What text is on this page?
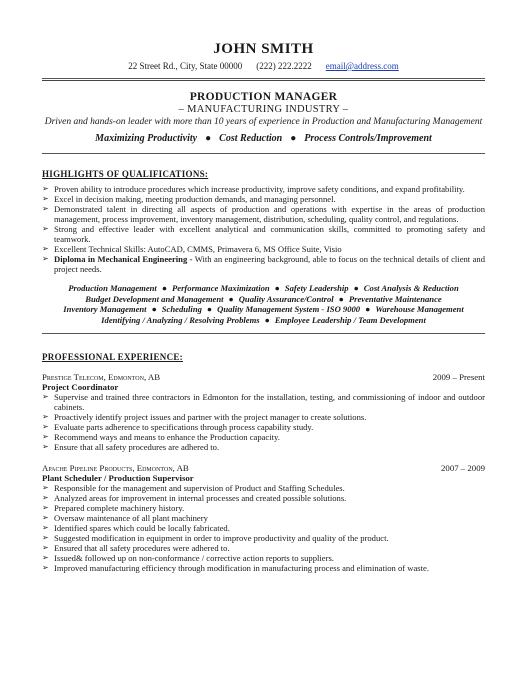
JOHN SMITH
22 Street Rd., City, State 00000 (222) 222.2222 email@address.com
PRODUCTION MANAGER
– MANUFACTURING INDUSTRY –
Driven and hands-on leader with more than 10 years of experience in Production and Manufacturing Management
Maximizing Productivity ● Cost Reduction ● Process Controls/Improvement
HIGHLIGHTS OF QUALIFICATIONS:
➢ Proven ability to introduce procedures which increase productivity, improve safety conditions, and expand profitability.
➢ Excel in decision making, meeting production demands, and managing personnel.
➢ Demonstrated talent in directing all aspects of production and operations with expertise in the areas of production management, process improvement, inventory management, distribution, scheduling, quality control, and regulations.
➢ Strong and effective leader with excellent analytical and communication skills, committed to promoting safety and teamwork.
➢ Excellent Technical Skills: AutoCAD, CMMS, Primavera 6, MS Office Suite, Visio
➢ Diploma in Mechanical Engineering - With an engineering background, able to focus on the technical details of client and project needs.
Production Management ● Performance Maximization ● Safety Leadership ● Cost Analysis & Reduction
Budget Development and Management ● Quality Assurance/Control ● Preventative Maintenance
Inventory Management ● Scheduling ● Quality Management System - ISO 9000 ● Warehouse Management
Identifying / Analyzing / Resolving Problems ● Employee Leadership / Team Development
PROFESSIONAL EXPERIENCE:
Prestige Telecom, Edmonton, AB	2009 – Present
Project Coordinator
➢ Supervise and trained three contractors in Edmonton for the installation, testing, and commissioning of indoor and outdoor cabinets.
➢ Proactively identify project issues and partner with the project manager to create solutions.
➢ Evaluate parts adherence to specifications through process capability study.
➢ Recommend ways and means to enhance the Production capacity.
➢ Ensure that all safety procedures are adhered to.
Apache Pipeline Products, Edmonton, AB	2007 – 2009
Plant Scheduler / Production Supervisor
➢ Responsible for the management and supervision of Product and Staffing Schedules.
➢ Analyzed areas for improvement in internal processes and created possible solutions.
➢ Prepared complete machinery history.
➢ Oversaw maintenance of all plant machinery
➢ Identified spares which could be locally fabricated.
➢ Suggested modification in equipment in order to improve productivity and quality of the product.
➢ Ensured that all safety procedures were adhered to.
➢ Issued& followed up on non-conformance / corrective action reports to suppliers.
➢ Improved manufacturing efficiency through modification in manufacturing process and elimination of waste.
